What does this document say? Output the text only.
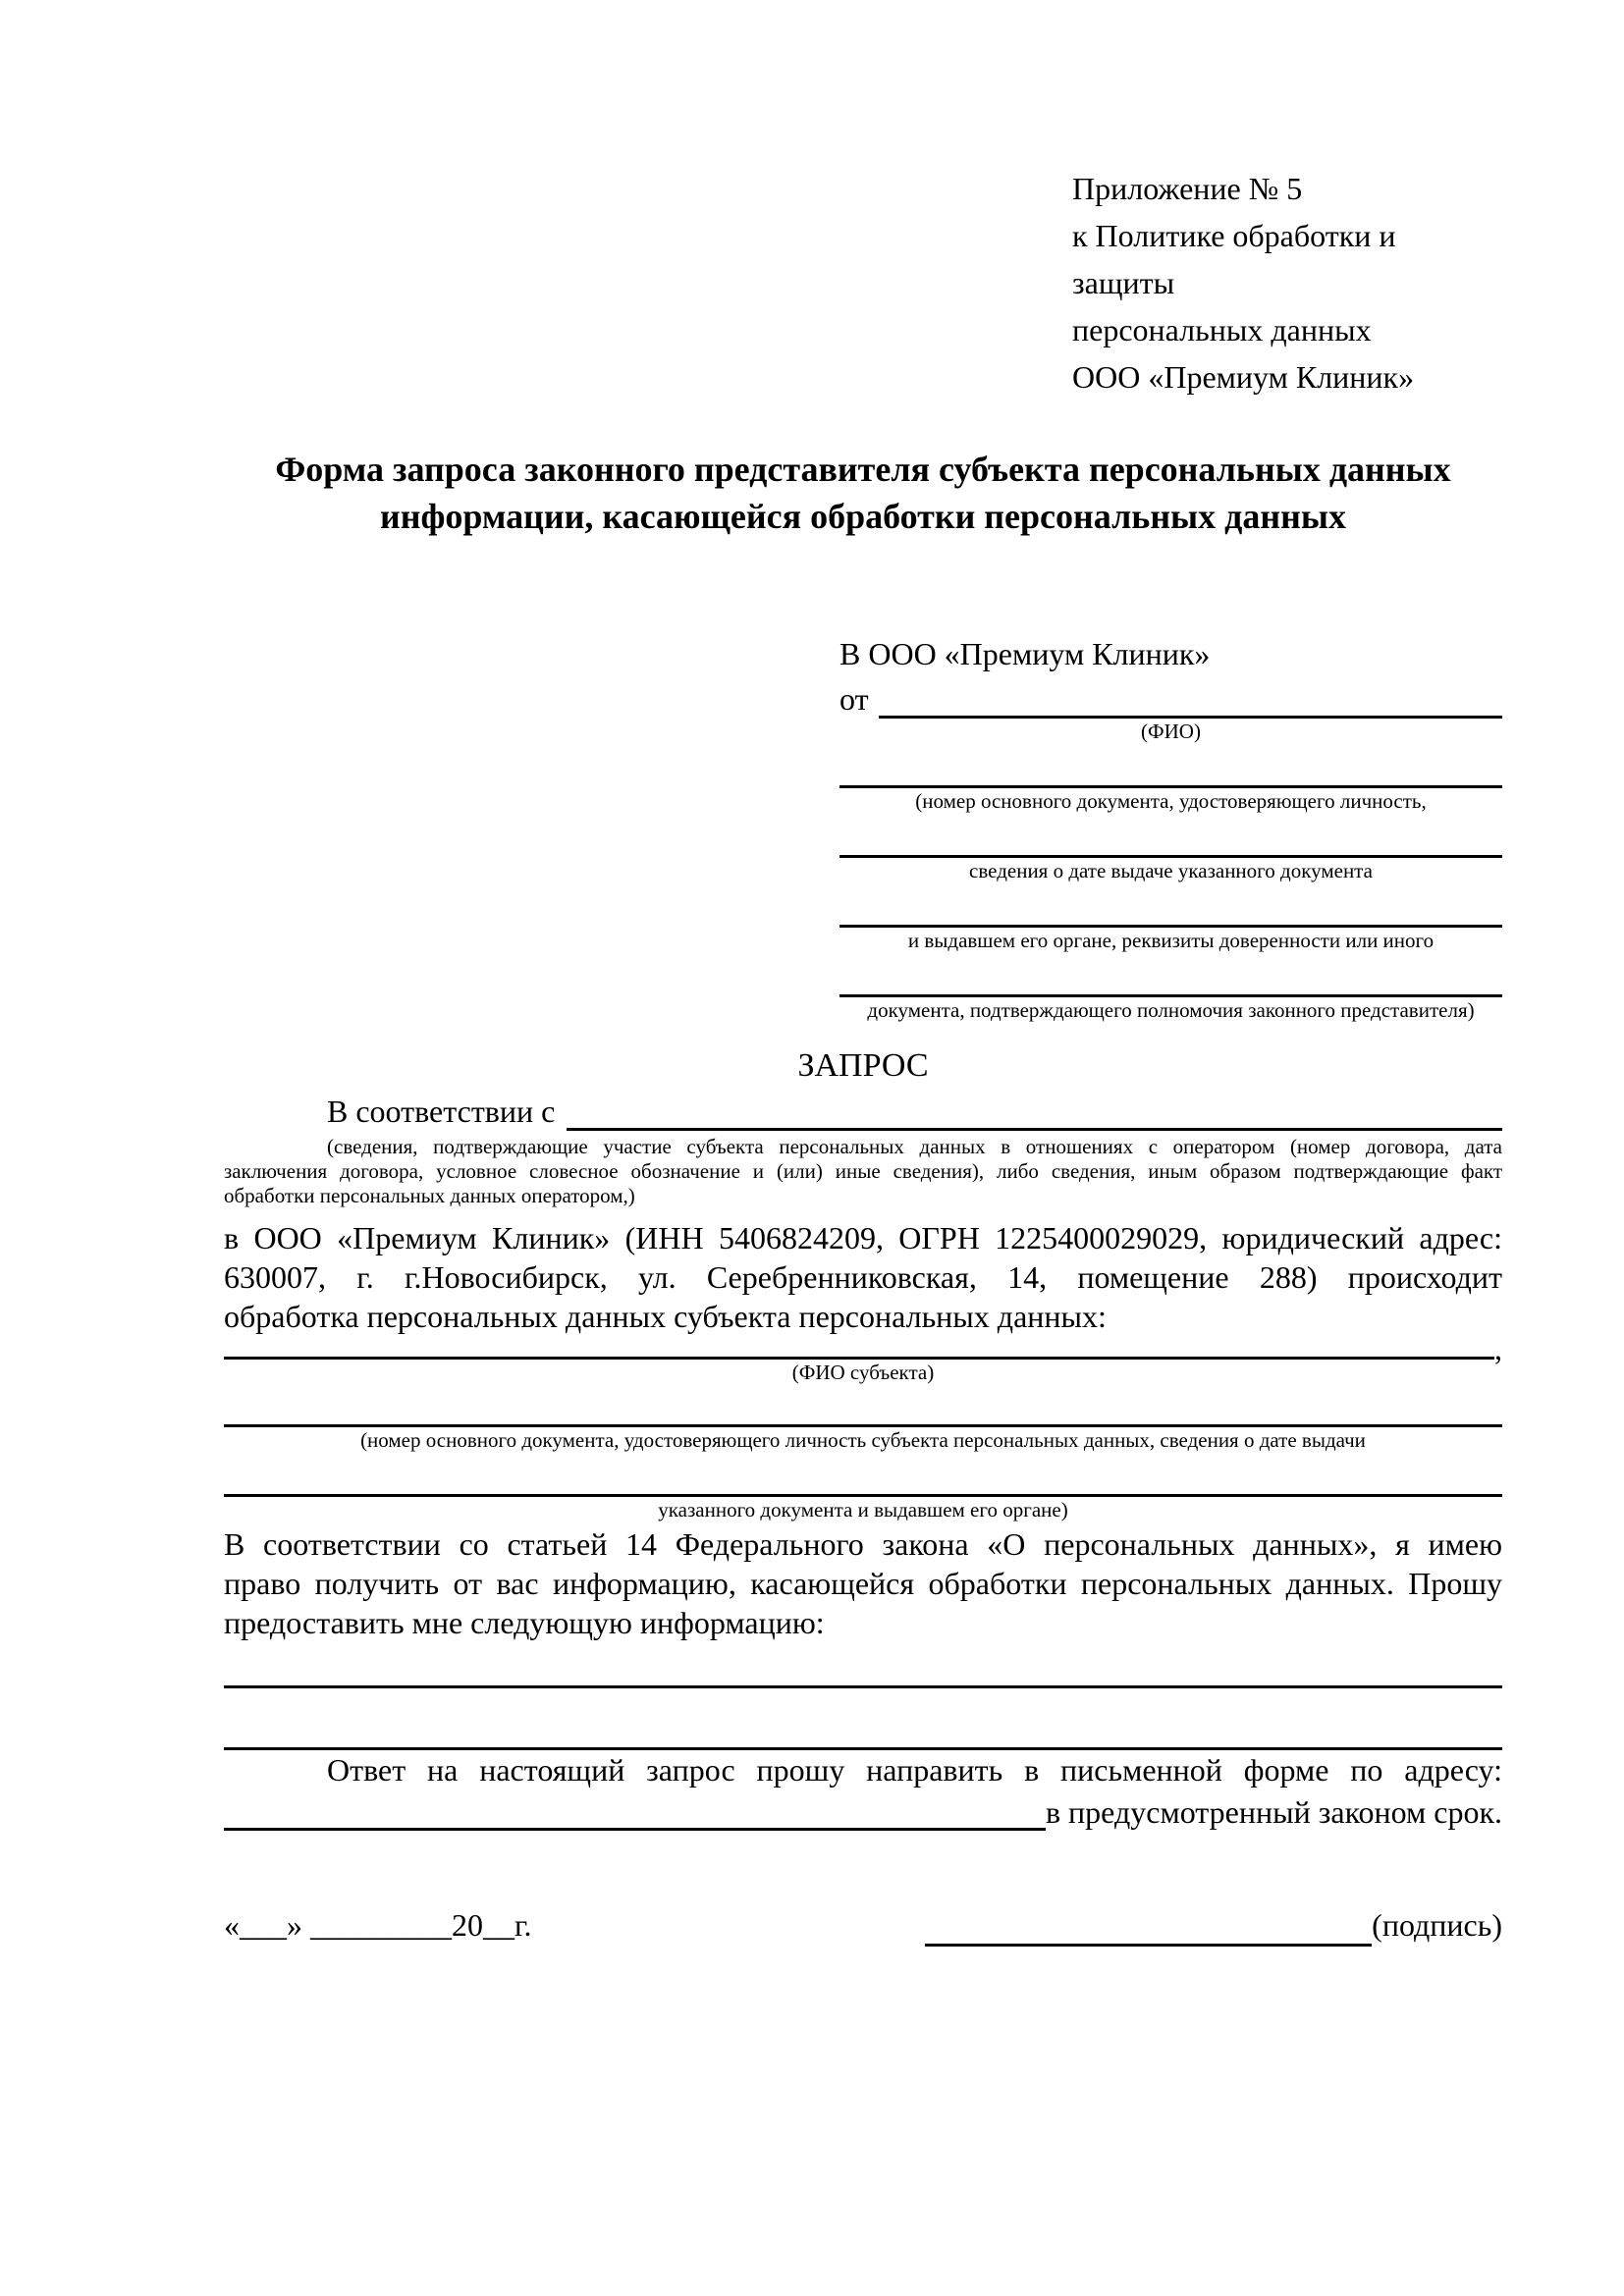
Приложение № 5
к Политике обработки и защиты
персональных данных
ООО «Премиум Клиник»
Форма запроса законного представителя субъекта персональных данных
информации, касающейся обработки персональных данных
В ООО «Премиум Клиник»
от
(ФИО)
(номер основного документа, удостоверяющего личность,
сведения о дате выдаче указанного документа
и выдавшем его органе, реквизиты доверенности или иного
документа, подтверждающего полномочия законного представителя)
ЗАПРОС
В соответствии с
(сведения, подтверждающие участие субъекта персональных данных в отношениях с оператором (номер договора, дата
заключения договора, условное словесное обозначение и (или) иные сведения), либо сведения, иным образом подтверждающие факт
обработки персональных данных оператором,)
в ООО «Премиум Клиник» (ИНН 5406824209, ОГРН 1225400029029, юридический адрес:
630007, г. г.Новосибирск, ул. Серебренниковская, 14, помещение 288) происходит
обработка персональных данных субъекта персональных данных:
,
(ФИО субъекта)
(номер основного документа, удостоверяющего личность субъекта персональных данных, сведения о дате выдачи
указанного документа и выдавшем его органе)
В соответствии со статьей 14 Федерального закона «О персональных данных», я имею
право получить от вас информацию, касающейся обработки персональных данных. Прошу
предоставить мне следующую информацию:
Ответ на настоящий запрос прошу направить в письменной форме по адресу:
в предусмотренный законом срок.
«___» _________20__г.	(подпись)
